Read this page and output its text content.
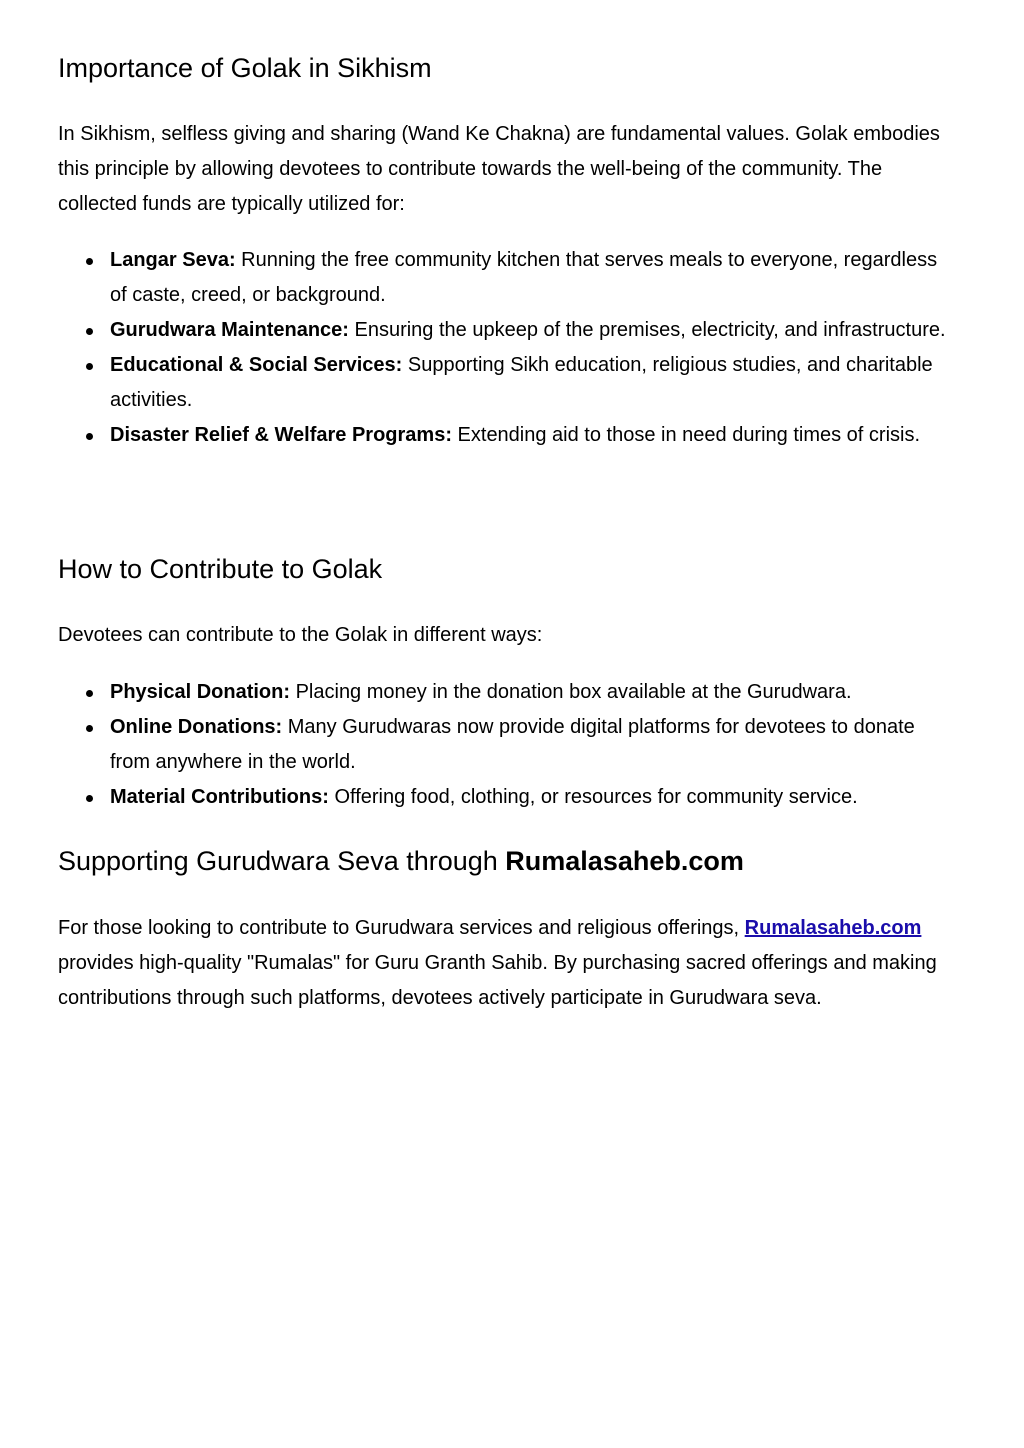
Importance of Golak in Sikhism

In Sikhism, selfless giving and sharing (Wand Ke Chakna) are fundamental values. Golak embodies this principle by allowing devotees to contribute towards the well-being of the community. The collected funds are typically utilized for:

Langar Seva: Running the free community kitchen that serves meals to everyone, regardless of caste, creed, or background.
Gurudwara Maintenance: Ensuring the upkeep of the premises, electricity, and infrastructure.
Educational & Social Services: Supporting Sikh education, religious studies, and charitable activities.
Disaster Relief & Welfare Programs: Extending aid to those in need during times of crisis.
How to Contribute to Golak

Devotees can contribute to the Golak in different ways:

Physical Donation: Placing money in the donation box available at the Gurudwara.
Online Donations: Many Gurudwaras now provide digital platforms for devotees to donate from anywhere in the world.
Material Contributions: Offering food, clothing, or resources for community service.
Supporting Gurudwara Seva through Rumalasaheb.com

For those looking to contribute to Gurudwara services and religious offerings, Rumalasaheb.com provides high-quality "Rumalas" for Guru Granth Sahib. By purchasing sacred offerings and making contributions through such platforms, devotees actively participate in Gurudwara seva.
